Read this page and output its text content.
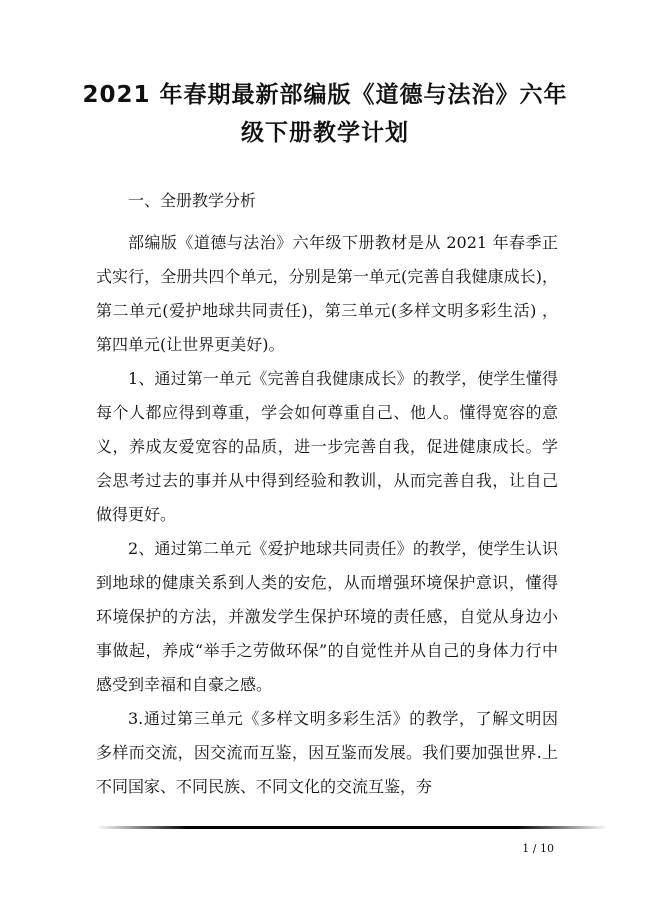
2021 年春期最新部编版《道德与法治》六年
级下册教学计划

一、全册教学分析

部编版《道德与法治》六年级下册教材是从 2021 年春季正式实行，全册共四个单元，分别是第一单元(完善自我健康成长)，第二单元(爱护地球共同责任)，第三单元(多样文明多彩生活) ，第四单元(让世界更美好)。

1、通过第一单元《完善自我健康成长》的教学，使学生懂得每个人都应得到尊重，学会如何尊重自己、他人。懂得宽容的意义，养成友爱宽容的品质，进一步完善自我，促进健康成长。学会思考过去的事并从中得到经验和教训，从而完善自我，让自己做得更好。

2、通过第二单元《爱护地球共同责任》的教学，使学生认识到地球的健康关系到人类的安危，从而增强环境保护意识，懂得环境保护的方法，并激发学生保护环境的责任感，自觉从身边小事做起，养成“举手之劳做环保”的自觉性并从自己的身体力行中感受到幸福和自豪之感。

3.通过第三单元《多样文明多彩生活》的教学，了解文明因多样而交流，因交流而互鉴，因互鉴而发展。我们要加强世界.上不同国家、不同民族、不同文化的交流互鉴，夯

1 / 10
